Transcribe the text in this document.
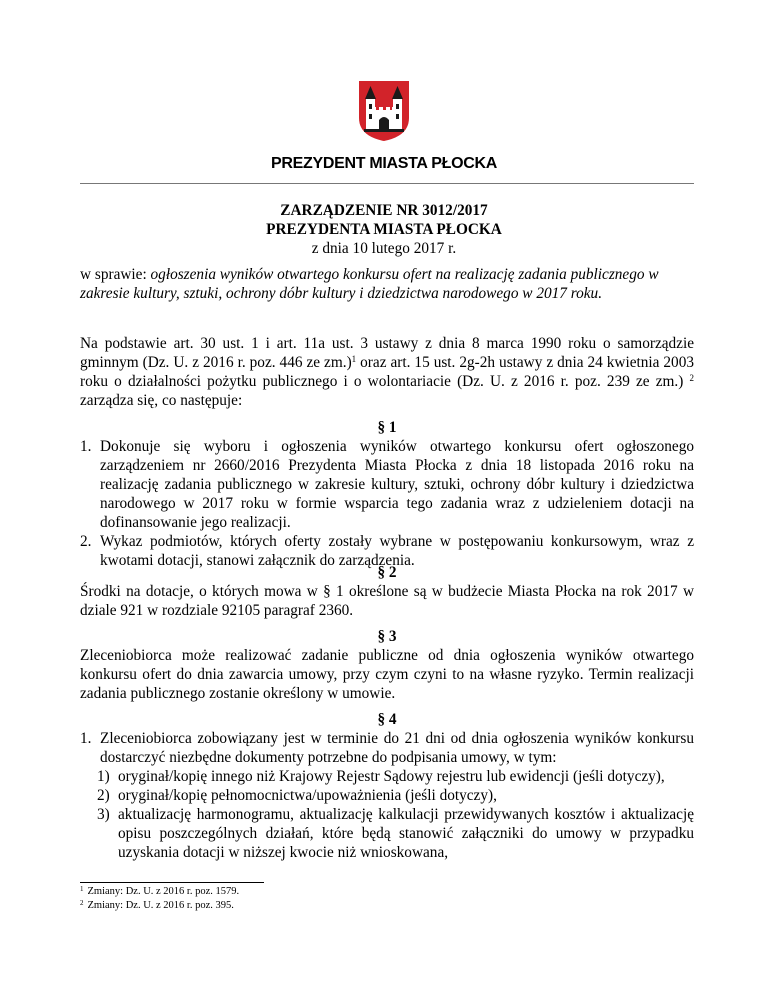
PREZYDENT MIASTA PŁOCKA
ZARZĄDZENIE NR 3012/2017
PREZYDENTA MIASTA PŁOCKA
z dnia 10 lutego 2017 r.
w sprawie: ogłoszenia wyników otwartego konkursu ofert na realizację zadania publicznego w zakresie kultury, sztuki, ochrony dóbr kultury i dziedzictwa narodowego w 2017 roku.
Na podstawie art. 30 ust. 1 i art. 11a ust. 3 ustawy z dnia 8 marca 1990 roku o samorządzie gminnym (Dz. U. z 2016 r. poz. 446 ze zm.)$^1$ oraz art. 15 ust. 2g-2h ustawy z dnia 24 kwietnia 2003 roku o działalności pożytku publicznego i o wolontariacie (Dz. U. z 2016 r. poz. 239 ze zm.) $^2$ zarządza się, co następuje:
§ 1
1. Dokonuje się wyboru i ogłoszenia wyników otwartego konkursu ofert ogłoszonego zarządzeniem nr 2660/2016 Prezydenta Miasta Płocka z dnia 18 listopada 2016 roku na realizację zadania publicznego w zakresie kultury, sztuki, ochrony dóbr kultury i dziedzictwa narodowego w 2017 roku w formie wsparcia tego zadania wraz z udzieleniem dotacji na dofinansowanie jego realizacji.
2. Wykaz podmiotów, których oferty zostały wybrane w postępowaniu konkursowym, wraz z kwotami dotacji, stanowi załącznik do zarządzenia.
§ 2
Środki na dotacje, o których mowa w § 1 określone są w budżecie Miasta Płocka na rok 2017 w dziale 921 w rozdziale 92105 paragraf 2360.
§ 3
Zleceniobiorca może realizować zadanie publiczne od dnia ogłoszenia wyników otwartego konkursu ofert do dnia zawarcia umowy, przy czym czyni to na własne ryzyko. Termin realizacji zadania publicznego zostanie określony w umowie.
§ 4
1. Zleceniobiorca zobowiązany jest w terminie do 21 dni od dnia ogłoszenia wyników konkursu dostarczyć niezbędne dokumenty potrzebne do podpisania umowy, w tym:
1) oryginał/kopię innego niż Krajowy Rejestr Sądowy rejestru lub ewidencji (jeśli dotyczy),
2) oryginał/kopię pełnomocnictwa/upoważnienia (jeśli dotyczy),
3) aktualizację harmonogramu, aktualizację kalkulacji przewidywanych kosztów i aktualizację opisu poszczególnych działań, które będą stanowić załączniki do umowy w przypadku uzyskania dotacji w niższej kwocie niż wnioskowana,
$^1$ Zmiany: Dz. U. z 2016 r. poz. 1579.
$^2$ Zmiany: Dz. U. z 2016 r. poz. 395.
